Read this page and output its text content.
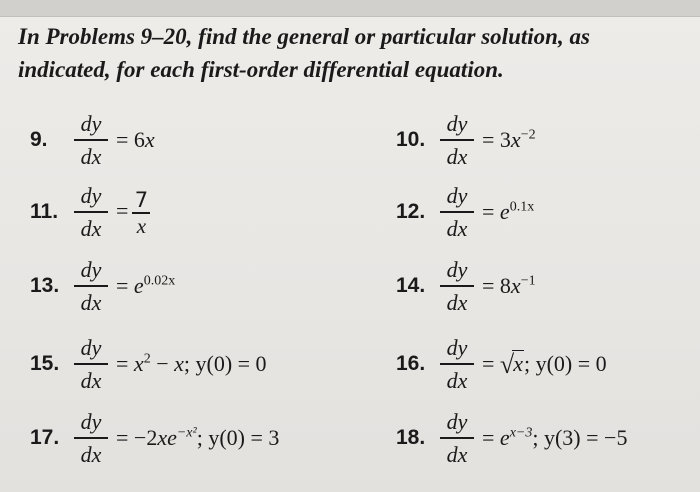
In Problems 9–20, find the general or particular solution, as indicated, for each first-order differential equation.
9.
dy
dx
= 6x	10.
dy
dx
= $3x^{-2}$
11.
dy
dx
= $\frac{7}{x}$	12.
dy
dx
= $e^{0.1x}$
13.
dy
dx
= $e^{0.02x}$	14.
dy
dx
= $8x^{-1}$
15.
dy
dx
= $x^2 - x$; y(0) = 0	16.
dy
dx
= √x; y(0) = 0
17.
dy
dx
= $-2xe^{-x^2}$; y(0) = 3	18.
dy
dx
= $e^{x-3}$; y(3) = −5
